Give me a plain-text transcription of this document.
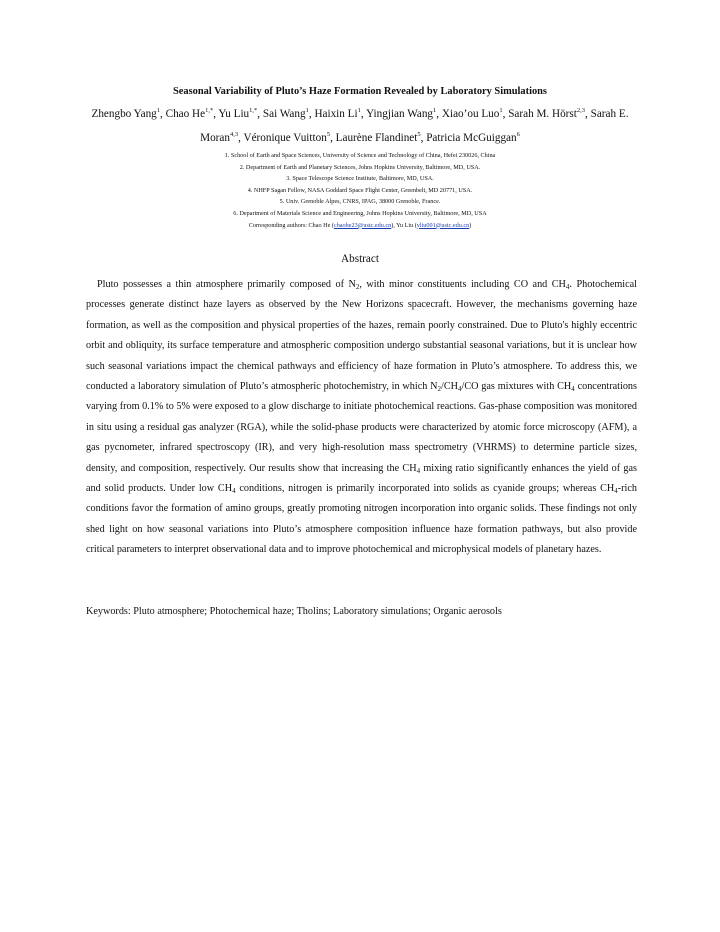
Seasonal Variability of Pluto’s Haze Formation Revealed by Laboratory Simulations
Zhengbo Yang$^1$, Chao $He^{1,*}$, Yu Liu$^{1,*}$, Sai Wang$^1$, Haixin Li$^1$, Yingjian Wang$^1$, Xiao’ou Luo$^1$, Sarah M. Hörst$^{2,3}$, Sarah E. Moran$^{4,3}$, Véronique Vuitton$^5$, Laurène Flandinet$^5$, Patricia McGuiggan$^6$
1. School of Earth and Space Sciences, University of Science and Technology of China, Hefei 230026, China
2. Department of Earth and Planetary Sciences, Johns Hopkins University, Baltimore, MD, USA.
3. Space Telescope Science Institute, Baltimore, MD, USA.
4. NHFP Sagan Fellow, NASA Goddard Space Flight Center, Greenbelt, MD 20771, USA.
5. Univ. Grenoble Alpes, CNRS, IPAG, 38000 Grenoble, France.
6. Department of Materials Science and Engineering, Johns Hopkins University, Baltimore, MD, USA
Corresponding authors: Chao He (chaohe23@ustc.edu.cn), Yu Liu (yliu001@ustc.edu.cn)
Abstract

Pluto possesses a thin atmosphere primarily composed of $N_2$, with minor constituents including CO and $CH_4$. Photochemical processes generate distinct haze layers as observed by the New Horizons spacecraft. However, the mechanisms governing haze formation, as well as the composition and physical properties of the hazes, remain poorly constrained. Due to Pluto's highly eccentric orbit and obliquity, its surface temperature and atmospheric composition undergo substantial seasonal variations, but it is unclear how such seasonal variations impact the chemical pathways and efficiency of haze formation in Pluto’s atmosphere. To address this, we conducted a laboratory simulation of Pluto’s atmospheric photochemistry, in which $N_2/CH_4/CO$ gas mixtures with $CH_4$ concentrations varying from 0.1% to 5% were exposed to a glow discharge to initiate photochemical reactions. Gas-phase composition was monitored in situ using a residual gas analyzer (RGA), while the solid-phase products were characterized by atomic force microscopy (AFM), a gas pycnometer, infrared spectroscopy (IR), and very high-resolution mass spectrometry (VHRMS) to determine particle sizes, density, and composition, respectively. Our results show that increasing the $CH_4$ mixing ratio significantly enhances the yield of gas and solid products. Under low $CH_4$ conditions, nitrogen is primarily incorporated into solids as cyanide groups; whereas $CH_4$-rich conditions favor the formation of amino groups, greatly promoting nitrogen incorporation into organic solids. These findings not only shed light on how seasonal variations into Pluto’s atmosphere composition influence haze formation pathways, but also provide critical parameters to interpret observational data and to improve photochemical and microphysical models of planetary hazes.

Keywords: Pluto atmosphere; Photochemical haze; Tholins; Laboratory simulations; Organic aerosols
